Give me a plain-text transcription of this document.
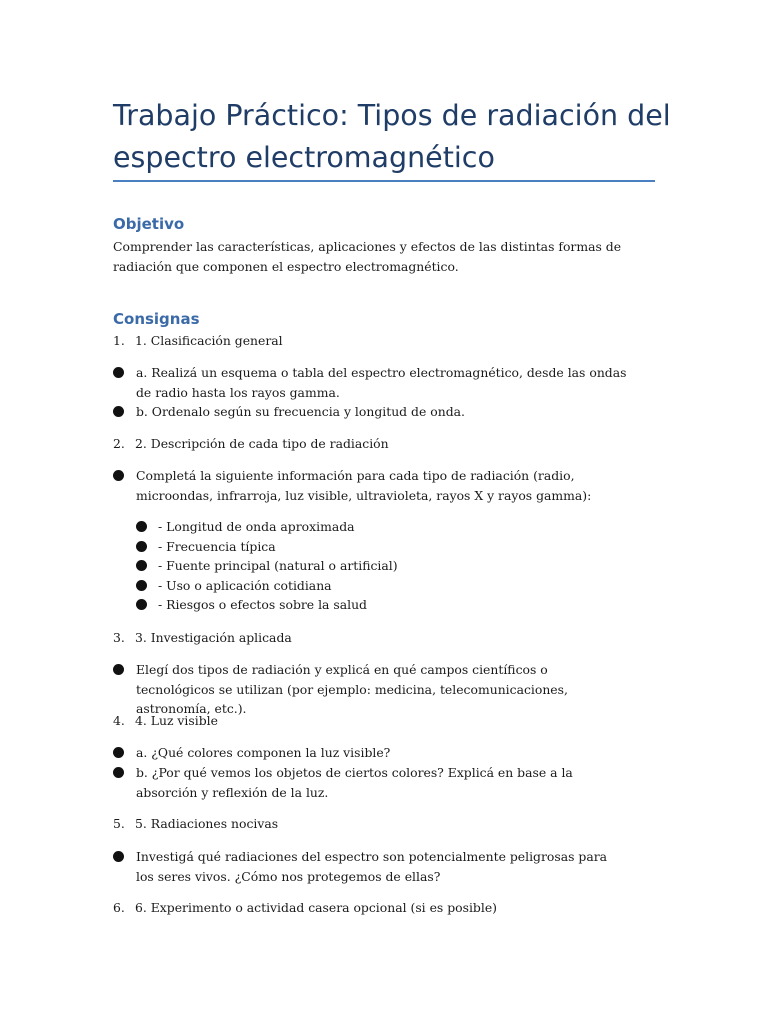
Trabajo Práctico: Tipos de radiación del espectro electromagnético
Objetivo

Comprender las características, aplicaciones y efectos de las distintas formas de radiación que componen el espectro electromagnético.

Consignas

1. 1. Clasificación general

a. Realizá un esquema o tabla del espectro electromagnético, desde las ondas de radio hasta los rayos gamma.
b. Ordenalo según su frecuencia y longitud de onda.

2. 2. Descripción de cada tipo de radiación

Completá la siguiente información para cada tipo de radiación (radio, microondas, infrarroja, luz visible, ultravioleta, rayos X y rayos gamma):
- Longitud de onda aproximada
- Frecuencia típica
- Fuente principal (natural o artificial)
- Uso o aplicación cotidiana
- Riesgos o efectos sobre la salud

3. 3. Investigación aplicada

Elegí dos tipos de radiación y explicá en qué campos científicos o tecnológicos se utilizan (por ejemplo: medicina, telecomunicaciones, astronomía, etc.).

4. 4. Luz visible

a. ¿Qué colores componen la luz visible?
b. ¿Por qué vemos los objetos de ciertos colores? Explicá en base a la absorción y reflexión de la luz.

5. 5. Radiaciones nocivas

Investigá qué radiaciones del espectro son potencialmente peligrosas para los seres vivos. ¿Cómo nos protegemos de ellas?

6. 6. Experimento o actividad casera opcional (si es posible)
